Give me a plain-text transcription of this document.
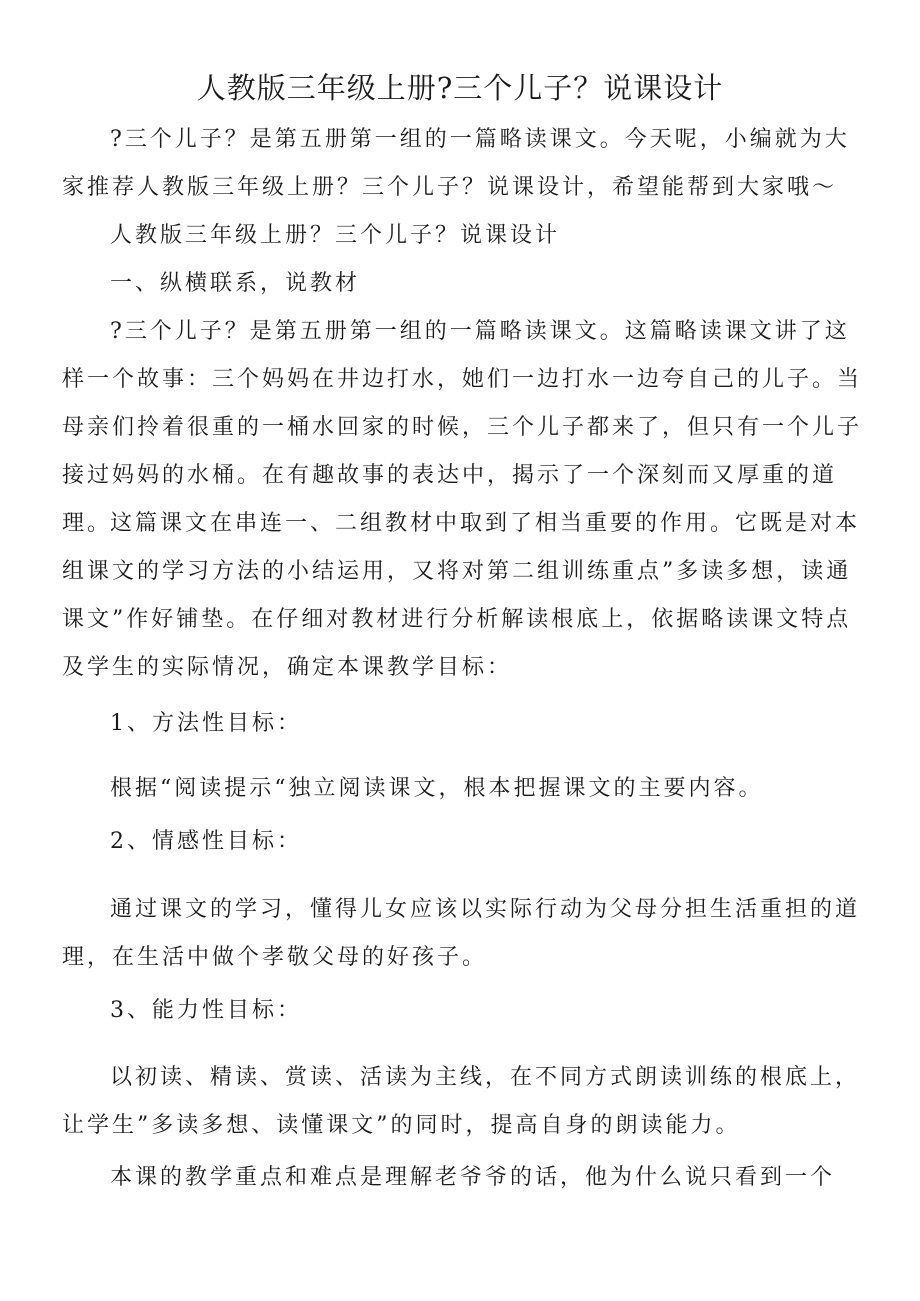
人教版三年级上册?三个儿子？说课设计

?三个儿子？是第五册第一组的一篇略读课文。今天呢，小编就为大家推荐人教版三年级上册？三个儿子？说课设计，希望能帮到大家哦～

人教版三年级上册？三个儿子？说课设计

一、纵横联系，说教材

?三个儿子？是第五册第一组的一篇略读课文。这篇略读课文讲了这样一个故事：三个妈妈在井边打水，她们一边打水一边夸自己的儿子。当母亲们拎着很重的一桶水回家的时候，三个儿子都来了，但只有一个儿子接过妈妈的水桶。在有趣故事的表达中，揭示了一个深刻而又厚重的道理。

这篇课文在串连一、二组教材中取到了相当重要的作用。它既是对本组课文的学习方法的小结运用，又将对第二组训练重点”多读多想，读通课文”作好铺垫。在仔细对教材进行分析解读根底上，依据略读课文特点及学生的实际情况，确定本课教学目标：

1、方法性目标：

根据“阅读提示“独立阅读课文，根本把握课文的主要内容。

2、情感性目标：

通过课文的学习，懂得儿女应该以实际行动为父母分担生活重担的道理，在生活中做个孝敬父母的好孩子。

3、能力性目标：

以初读、精读、赏读、活读为主线，在不同方式朗读训练的根底上，让学生”多读多想、读懂课文”的同时，提高自身的朗读能力。

本课的教学重点和难点是理解老爷爷的话，他为什么说只看到一个
